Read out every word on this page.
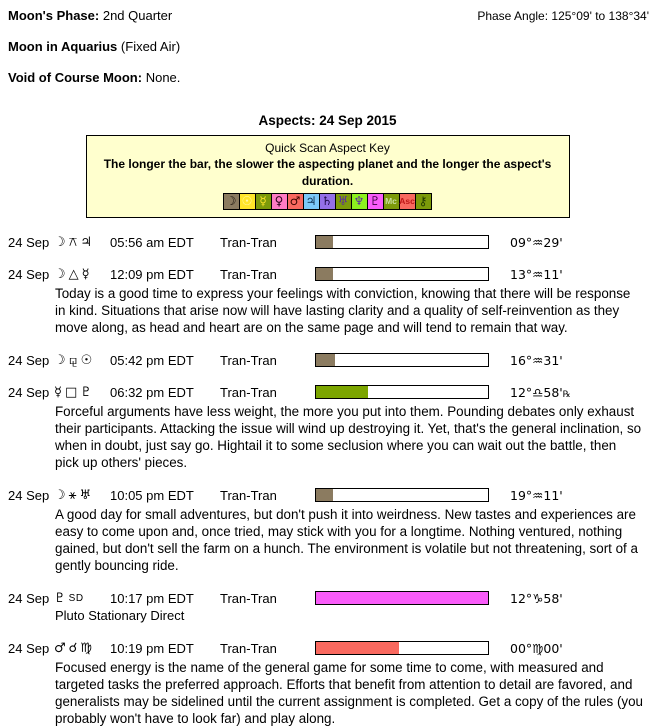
Moon's Phase: 2nd Quarter	Phase Angle: 125°09' to 138°34'
Moon in Aquarius (Fixed Air)
Void of Course Moon: None.
Aspects: 24 Sep 2015
Quick Scan Aspect Key
The longer the bar, the slower the aspecting planet and the longer the aspect's duration.
☽ ☉ ☿ ♀ ♂ ♃ ♄ ♅ ♆ ♇ Mc Asc ⚷
24 Sep ☽ ⚻ ♃ 05:56 am EDT	Tran-Tran	09°♒29'
24 Sep ☽ △ ☿ 12:09 pm EDT	Tran-Tran	13°♒11'
Today is a good time to express your feelings with conviction, knowing that there will be response in kind. Situations that arise now will have lasting clarity and a quality of self-reinvention as they move along, as head and heart are on the same page and will tend to remain that way.
24 Sep ☽ ⚼ ☉ 05:42 pm EDT	Tran-Tran	16°♒31'
24 Sep ☿ □ ♇ 06:32 pm EDT	Tran-Tran	12°♎58'℞
Forceful arguments have less weight, the more you put into them. Pounding debates only exhaust their participants. Attacking the issue will wind up destroying it. Yet, that's the general inclination, so when in doubt, just say go. Hightail it to some seclusion where you can wait out the battle, then pick up others' pieces.
24 Sep ☽ ⚹ ♅ 10:05 pm EDT	Tran-Tran	19°♒11'
A good day for small adventures, but don't push it into weirdness. New tastes and experiences are easy to come upon and, once tried, may stick with you for a longtime. Nothing ventured, nothing gained, but don't sell the farm on a hunch. The environment is volatile but not threatening, sort of a gently bouncing ride.
24 Sep ♇ SD 10:17 pm EDT	Tran-Tran	12°♑58'
Pluto Stationary Direct
24 Sep ♂ ☌ ♍ 10:19 pm EDT	Tran-Tran	00°♍00'
Focused energy is the name of the general game for some time to come, with measured and targeted tasks the preferred approach. Efforts that benefit from attention to detail are favored, and generalists may be sidelined until the current assignment is completed. Get a copy of the rules (you probably won't have to look far) and play along.
